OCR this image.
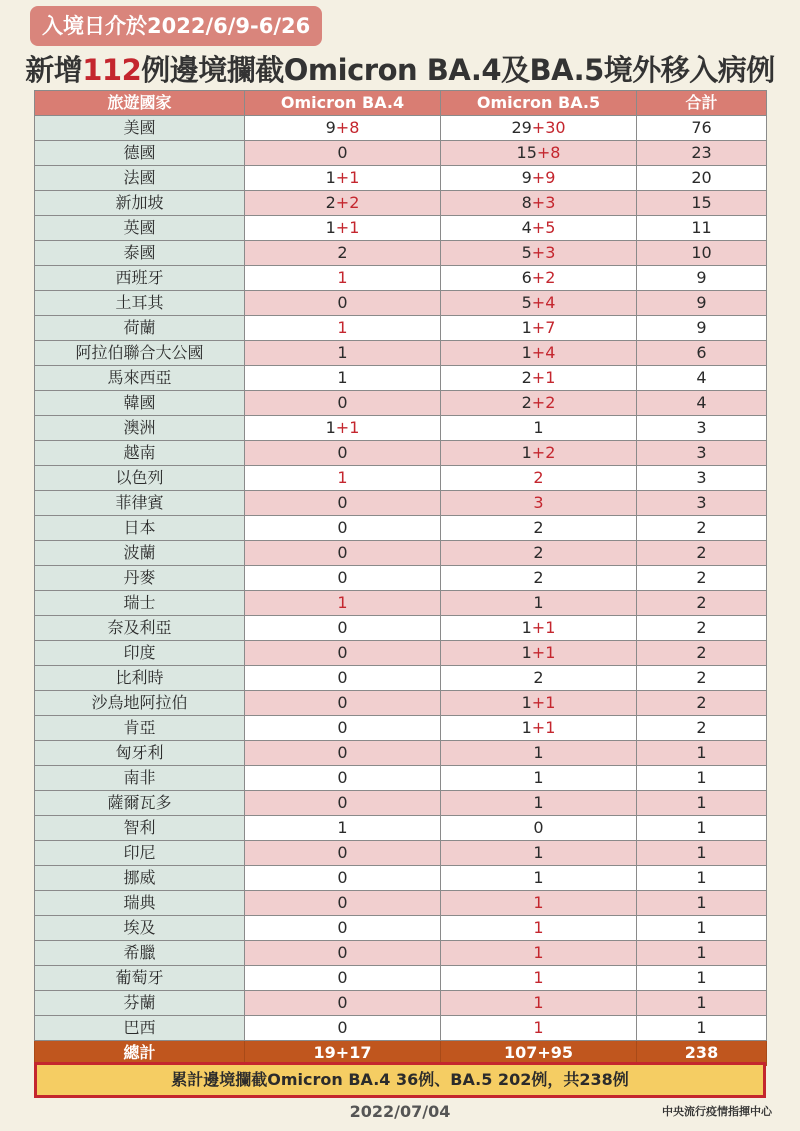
入境日介於2022/6/9-6/26
新增112例邊境攔截Omicron BA.4及BA.5境外移入病例
旅遊國家	Omicron BA.4	Omicron BA.5	合計
美國	9+8	29+30	76
德國	0	15+8	23
法國	1+1	9+9	20
新加坡	2+2	8+3	15
英國	1+1	4+5	11
泰國	2	5+3	10
西班牙	1	6+2	9
土耳其	0	5+4	9
荷蘭	1	1+7	9
阿拉伯聯合大公國	1	1+4	6
馬來西亞	1	2+1	4
韓國	0	2+2	4
澳洲	1+1	1	3
越南	0	1+2	3
以色列	1	2	3
菲律賓	0	3	3
日本	0	2	2
波蘭	0	2	2
丹麥	0	2	2
瑞士	1	1	2
奈及利亞	0	1+1	2
印度	0	1+1	2
比利時	0	2	2
沙烏地阿拉伯	0	1+1	2
肯亞	0	1+1	2
匈牙利	0	1	1
南非	0	1	1
薩爾瓦多	0	1	1
智利	1	0	1
印尼	0	1	1
挪威	0	1	1
瑞典	0	1	1
埃及	0	1	1
希臘	0	1	1
葡萄牙	0	1	1
芬蘭	0	1	1
巴西	0	1	1
總計	19+17	107+95	238
累計邊境攔截Omicron BA.4 36例、BA.5 202例，共238例
2022/07/04	中央流行疫情指揮中心
